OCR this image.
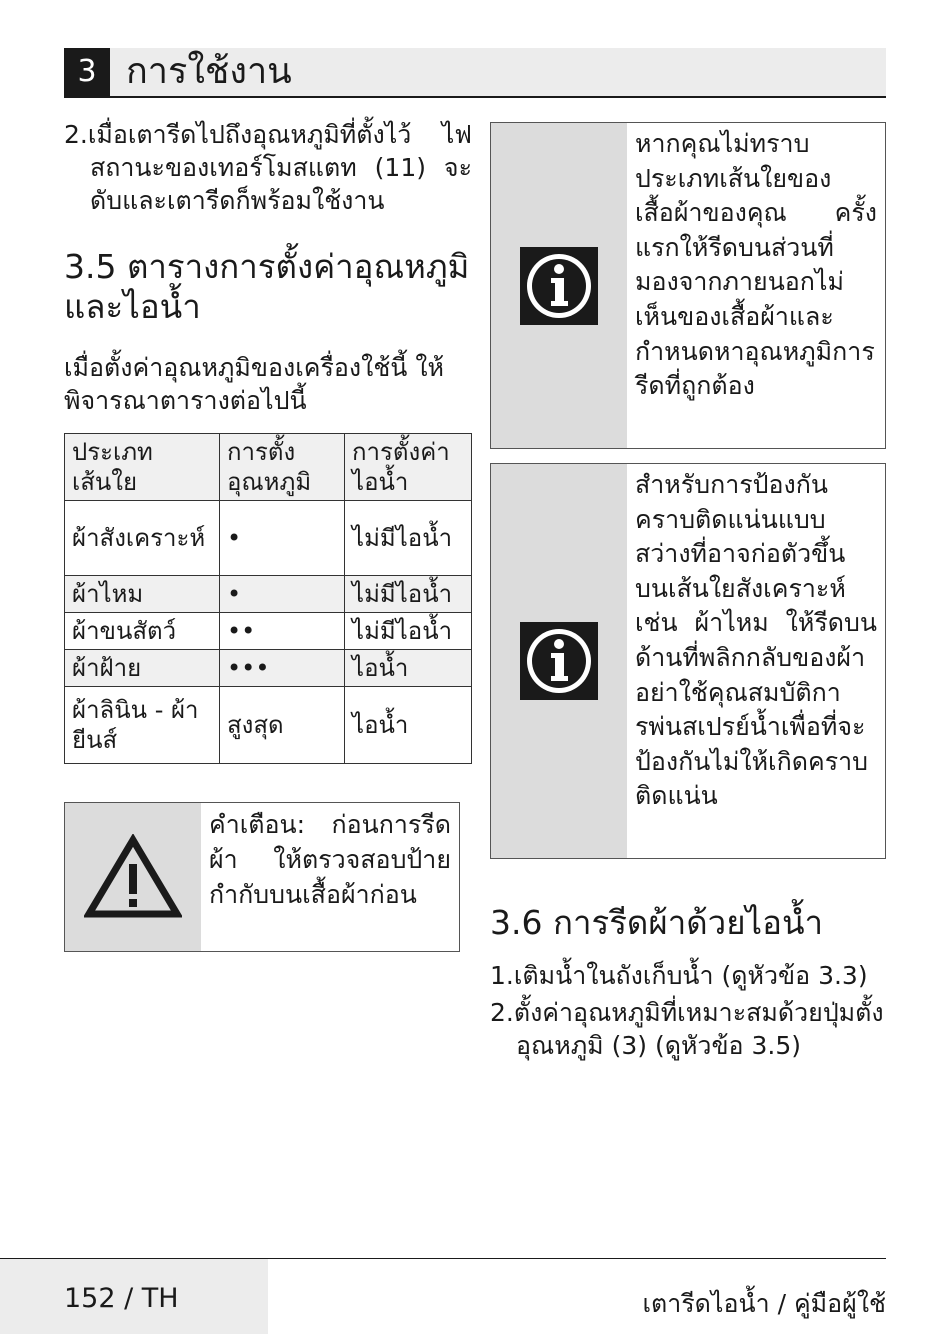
3 การใช้งาน
2.เมื่อเตารีดไปถึงอุณหภูมิที่ตั้งไว้ ไฟสถานะของเทอร์โมสแตท (11) จะดับและเตารีดก็พร้อมใช้งาน
3.5 ตารางการตั้งค่าอุณหภูมิและไอน้ำ

เมื่อตั้งค่าอุณหภูมิของเครื่องใช้นี้ ให้พิจารณาตารางต่อไปนี้

ประเภทเส้นใย	การตั้งอุณหภูมิ	การตั้งค่าไอน้ำ
ผ้าสังเคราะห์	•	ไม่มีไอน้ำ
ผ้าไหม	•	ไม่มีไอน้ำ
ผ้าขนสัตว์	••	ไม่มีไอน้ำ
ผ้าฝ้าย	•••	ไอน้ำ
ผ้าลินิน - ผ้ายีนส์	สูงสุด	ไอน้ำ
คำเตือน: ก่อนการรีดผ้า ให้ตรวจสอบป้ายกำกับบนเสื้อผ้าก่อน
หากคุณไม่ทราบประเภทเส้นใยของเสื้อผ้าของคุณ ครั้งแรกให้รีดบนส่วนที่มองจากภายนอกไม่เห็นของเสื้อผ้าและกำหนดหาอุณหภูมิการรีดที่ถูกต้อง
สำหรับการป้องกันคราบติดแน่นแบบสว่างที่อาจก่อตัวขึ้นบนเส้นใยสังเคราะห์ เช่น ผ้าไหม ให้รีดบนด้านที่พลิกกลับของผ้า อย่าใช้คุณสมบัติการพ่นสเปรย์น้ำเพื่อที่จะป้องกันไม่ให้เกิดคราบติดแน่น
3.6 การรีดผ้าด้วยไอน้ำ
1.เติมน้ำในถังเก็บน้ำ (ดูหัวข้อ 3.3)
2.ตั้งค่าอุณหภูมิที่เหมาะสมด้วยปุ่มตั้งอุณหภูมิ (3) (ดูหัวข้อ 3.5)
152 / TH	เตารีดไอน้ำ / คู่มือผู้ใช้
